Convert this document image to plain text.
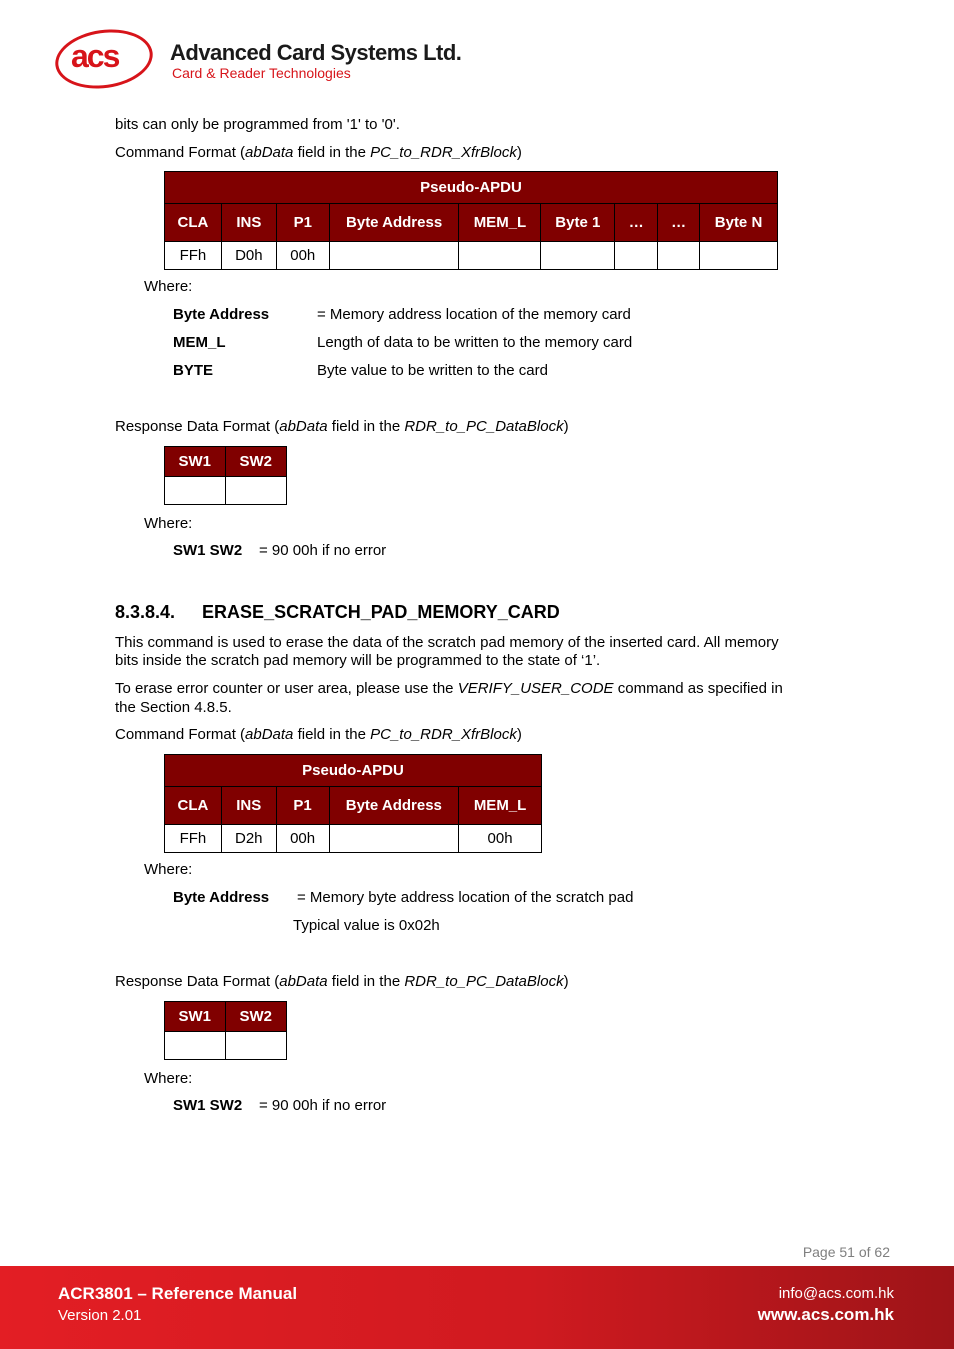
acs Advanced Card Systems Ltd.
Card & Reader Technologies
bits can only be programmed from '1' to '0'.
Command Format (abData field in the PC_to_RDR_XfrBlock)
Pseudo-APDU								
CLA	INS	P1	Byte Address	MEM_L	Byte 1	…	…	Byte N
FFh	D0h	00h						
Where:
Byte Address	= Memory address location of the memory card
MEM_L	Length of data to be written to the memory card
BYTE	Byte value to be written to the card
Response Data Format (abData field in the RDR_to_PC_DataBlock)
SW1	SW2

Where:
SW1 SW2 = 90 00h if no error
8.3.8.4. ERASE_SCRATCH_PAD_MEMORY_CARD
This command is used to erase the data of the scratch pad memory of the inserted card. All memory
bits inside the scratch pad memory will be programmed to the state of ‘1’.
To erase error counter or user area, please use the VERIFY_USER_CODE command as specified in
the Section 4.8.5.
Command Format (abData field in the PC_to_RDR_XfrBlock)
Pseudo-APDU				
CLA	INS	P1	Byte Address	MEM_L
FFh	D2h	00h		00h
Where:
Byte Address = Memory byte address location of the scratch pad
Typical value is 0x02h
Response Data Format (abData field in the RDR_to_PC_DataBlock)
SW1	SW2

Where:
SW1 SW2 = 90 00h if no error
Page 51 of 62
ACR3801 – Reference Manual
Version 2.01
info@acs.com.hk
www.acs.com.hk
